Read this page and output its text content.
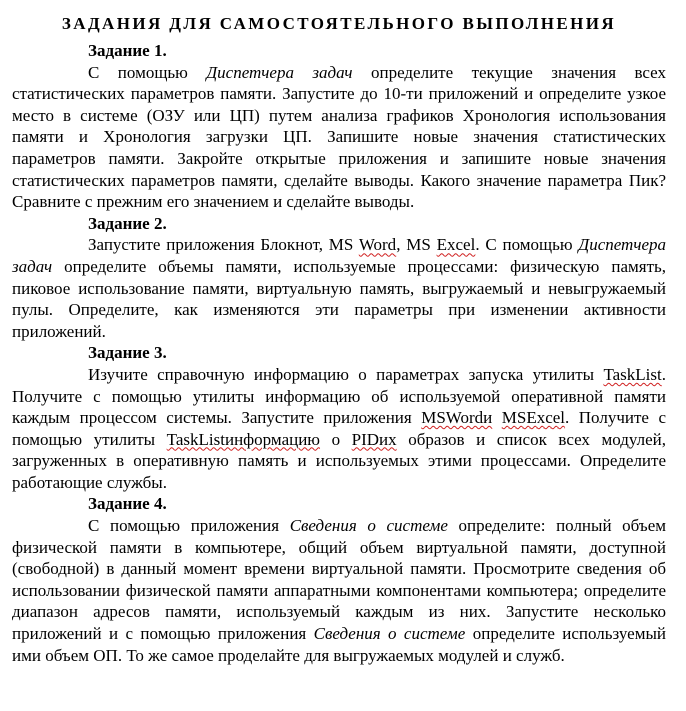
ЗАДАНИЯ ДЛЯ САМОСТОЯТЕЛЬНОГО ВЫПОЛНЕНИЯ

Задание 1.

С помощью Диспетчера задач определите текущие значения всех статистических параметров памяти. Запустите до 10-ти приложений и определите узкое место в системе (ОЗУ или ЦП) путем анализа графиков Хронология использования памяти и Хронология загрузки ЦП. Запишите новые значения статистических параметров памяти. Закройте открытые приложения и запишите новые значения статистических параметров памяти, сделайте выводы. Какого значение параметра Пик? Сравните с прежним его значением и сделайте выводы.

Задание 2.

Запустите приложения Блокнот, MS Word, MS Excel. С помощью Диспетчера задач определите объемы памяти, используемые процессами: физическую память, пиковое использование памяти, виртуальную память, выгружаемый и невыгружаемый пулы. Определите, как изменяются эти параметры при изменении активности приложений.

Задание 3.

Изучите справочную информацию о параметрах запуска утилиты TaskList. Получите с помощью утилиты информацию об используемой оперативной памяти каждым процессом системы. Запустите приложения MSWordи MSExcel. Получите с помощью утилиты TaskListинформацию о PIDих образов и список всех модулей, загруженных в оперативную память и используемых этими процессами. Определите работающие службы.

Задание 4.

С помощью приложения Сведения о системе определите: полный объем физической памяти в компьютере, общий объем виртуальной памяти, доступной (свободной) в данный момент времени виртуальной памяти. Просмотрите сведения об использовании физической памяти аппаратными компонентами компьютера; определите диапазон адресов памяти, используемый каждым из них. Запустите несколько приложений и с помощью приложения Сведения о системе определите используемый ими объем ОП. То же самое проделайте для выгружаемых модулей и служб.
